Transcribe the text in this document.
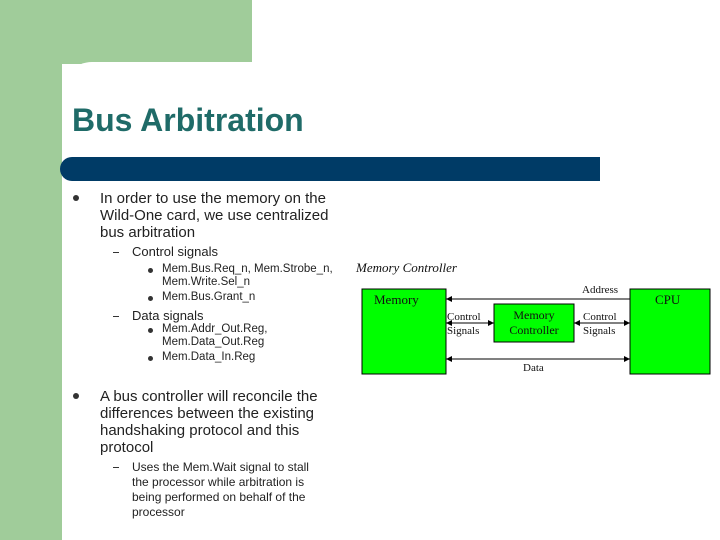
Bus Arbitration
In order to use the memory on the
Wild-One card, we use centralized
bus arbitration
Control signals
Mem.Bus.Req_n, Mem.Strobe_n,
Mem.Write.Sel_n
Mem.Bus.Grant_n
Data signals
Mem.Addr_Out.Reg,
Mem.Data_Out.Reg
Mem.Data_In.Reg
A bus controller will reconcile the
differences between the existing
handshaking protocol and this
protocol
Uses the Mem.Wait signal to stall
the processor while arbitration is
being performed on behalf of the
processor
Memory Controller
Memory
Memory
Controller
CPU
Address
Control
Signals
Control
Signals
Data
